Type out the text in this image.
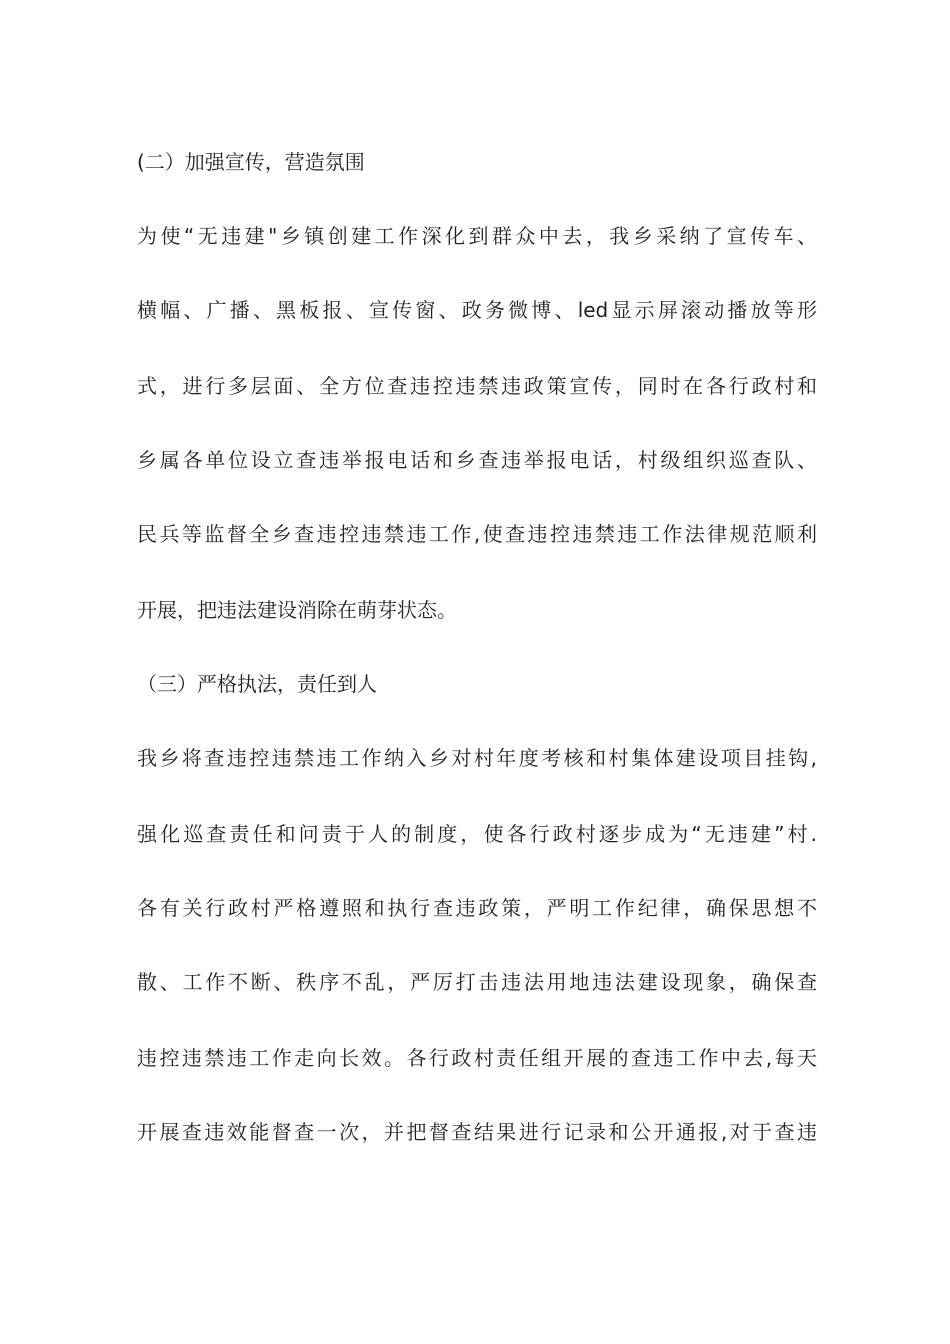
(二）加强宣传，营造氛围
为使“无违建"乡镇创建工作深化到群众中去，我乡采纳了宣传车、
横幅、广播、黑板报、宣传窗、政务微博、led显示屏滚动播放等形
式，进行多层面、全方位查违控违禁违政策宣传，同时在各行政村和
乡属各单位设立查违举报电话和乡查违举报电话，村级组织巡查队、
民兵等监督全乡查违控违禁违工作,使查违控违禁违工作法律规范顺利
开展，把违法建设消除在萌芽状态。
（三）严格执法，责任到人
我乡将查违控违禁违工作纳入乡对村年度考核和村集体建设项目挂钩,
强化巡查责任和问责于人的制度，使各行政村逐步成为“无违建”村.
各有关行政村严格遵照和执行查违政策，严明工作纪律，确保思想不
散、工作不断、秩序不乱，严厉打击违法用地违法建设现象，确保查
违控违禁违工作走向长效。各行政村责任组开展的查违工作中去,每天
开展查违效能督查一次，并把督查结果进行记录和公开通报,对于查违
